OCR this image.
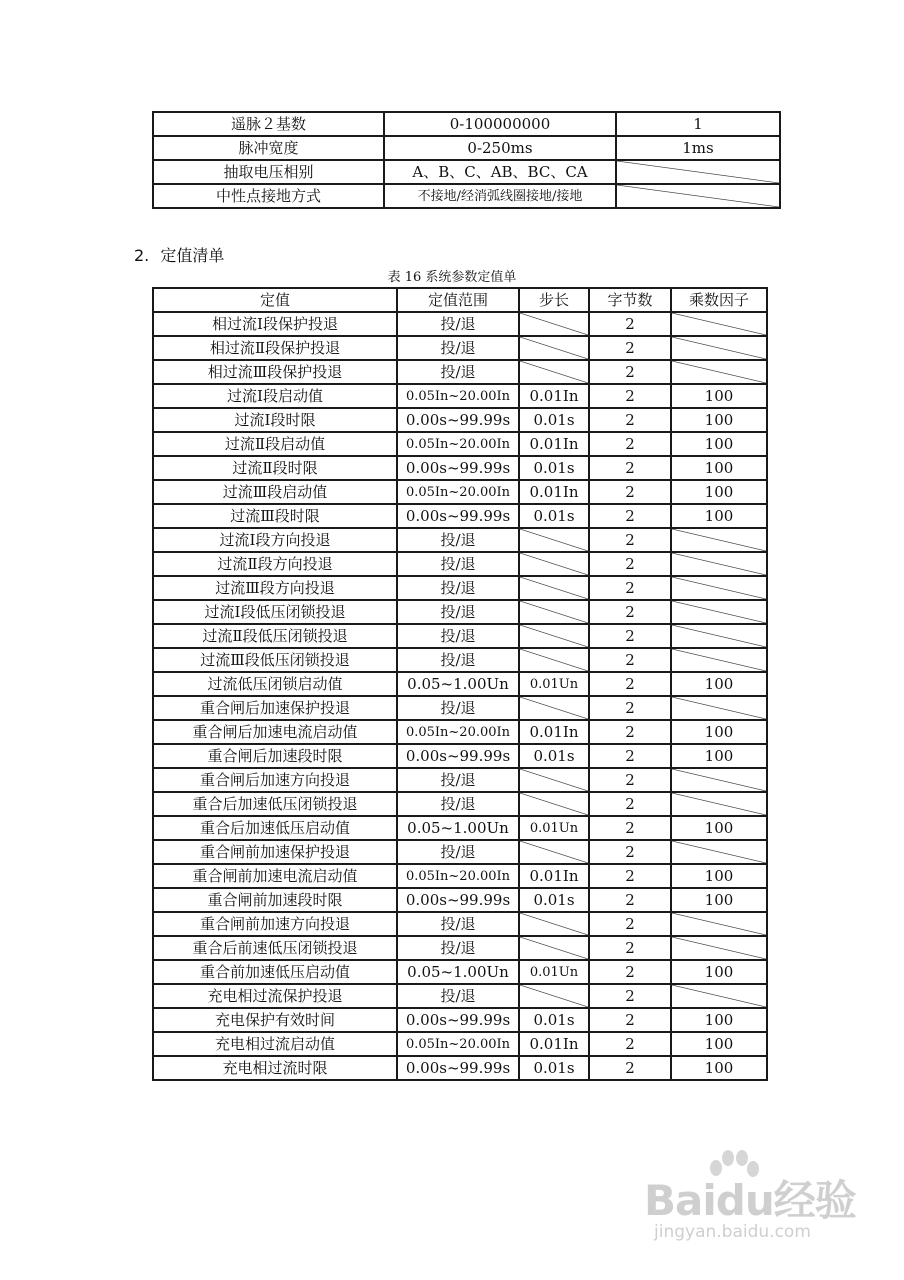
遥脉２基数	0-100000000	1
脉冲宽度	0-250ms	1ms
抽取电压相别	A、B、C、AB、BC、CA	
中性点接地方式	不接地/经消弧线圈接地/接地	
2. 定值清单
表 16 系统参数定值单
定值	定值范围	步长	字节数	乘数因子
相过流Ⅰ段保护投退	投/退		2	
相过流Ⅱ段保护投退	投/退		2	
相过流Ⅲ段保护投退	投/退		2	
过流Ⅰ段启动值	0.05In~20.00In	0.01In	2	100
过流Ⅰ段时限	0.00s~99.99s	0.01s	2	100
过流Ⅱ段启动值	0.05In~20.00In	0.01In	2	100
过流Ⅱ段时限	0.00s~99.99s	0.01s	2	100
过流Ⅲ段启动值	0.05In~20.00In	0.01In	2	100
过流Ⅲ段时限	0.00s~99.99s	0.01s	2	100
过流Ⅰ段方向投退	投/退		2	
过流Ⅱ段方向投退	投/退		2	
过流Ⅲ段方向投退	投/退		2	
过流Ⅰ段低压闭锁投退	投/退		2	
过流Ⅱ段低压闭锁投退	投/退		2	
过流Ⅲ段低压闭锁投退	投/退		2	
过流低压闭锁启动值	0.05~1.00Un	0.01Un	2	100
重合闸后加速保护投退	投/退		2	
重合闸后加速电流启动值	0.05In~20.00In	0.01In	2	100
重合闸后加速段时限	0.00s~99.99s	0.01s	2	100
重合闸后加速方向投退	投/退		2	
重合后加速低压闭锁投退	投/退		2	
重合后加速低压启动值	0.05~1.00Un	0.01Un	2	100
重合闸前加速保护投退	投/退		2	
重合闸前加速电流启动值	0.05In~20.00In	0.01In	2	100
重合闸前加速段时限	0.00s~99.99s	0.01s	2	100
重合闸前加速方向投退	投/退		2	
重合后前速低压闭锁投退	投/退		2	
重合前加速低压启动值	0.05~1.00Un	0.01Un	2	100
充电相过流保护投退	投/退		2	
充电保护有效时间	0.00s~99.99s	0.01s	2	100
充电相过流启动值	0.05In~20.00In	0.01In	2	100
充电相过流时限	0.00s~99.99s	0.01s	2	100
Baidu经验
jingyan.baidu.com
